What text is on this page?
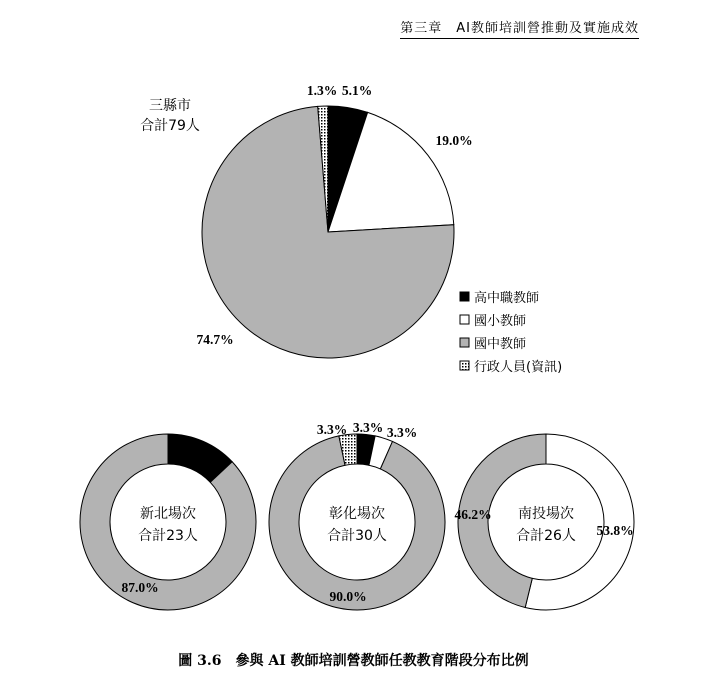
第三章　AI教師培訓營推動及實施成效
5.1%
19.0%
74.7%
1.3%
三縣市
合計79人
13.0%
87.0%
新北場次
合計23人
3.3% 3.3%
90.0%
3.3%
彰化場次
合計30人	53.8%
46.2% 南投場次
合計26人
高中職教師
國小教師
國中教師
行政人員(資訊)
圖 3.6　參與 AI 教師培訓營教師任教教育階段分布比例
